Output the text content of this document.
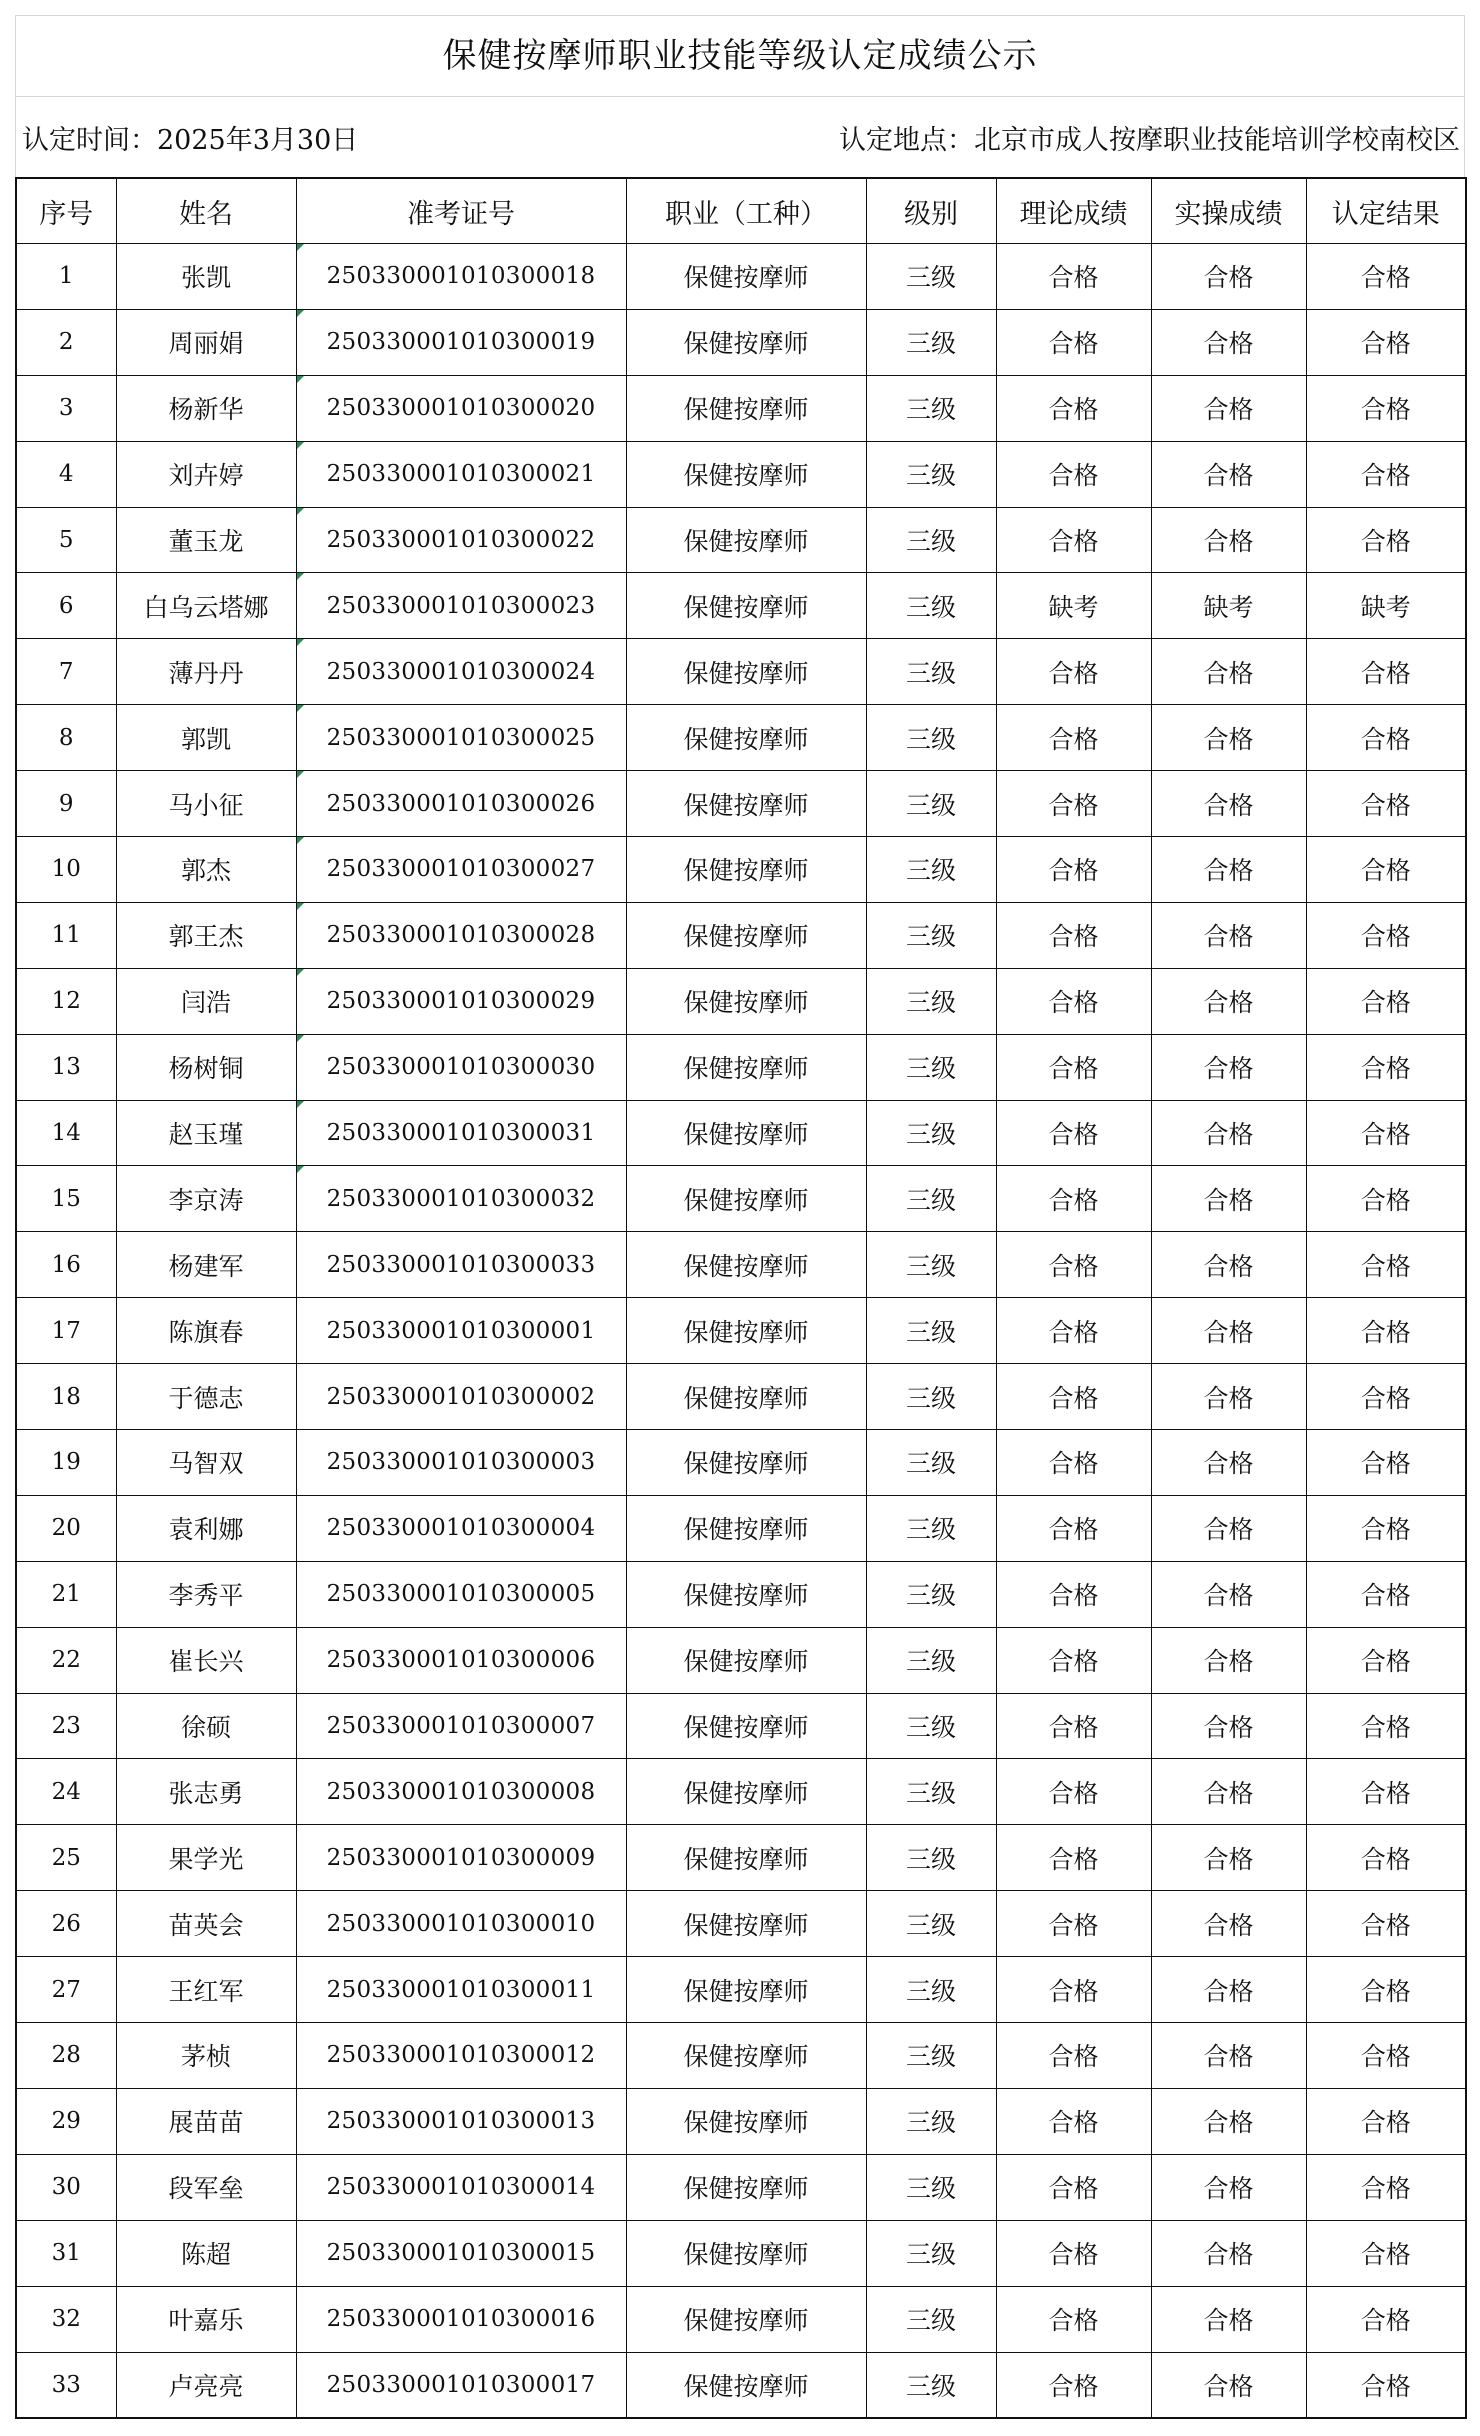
保健按摩师职业技能等级认定成绩公示
认定时间：2025年3月30日	认定地点：北京市成人按摩职业技能培训学校南校区
序号	姓名	准考证号	职业（工种）	级别	理论成绩	实操成绩	认定结果
1	张凯	250330001010300018	保健按摩师	三级	合格	合格	合格
2	周丽娟	250330001010300019	保健按摩师	三级	合格	合格	合格
3	杨新华	250330001010300020	保健按摩师	三级	合格	合格	合格
4	刘卉婷	250330001010300021	保健按摩师	三级	合格	合格	合格
5	董玉龙	250330001010300022	保健按摩师	三级	合格	合格	合格
6	白乌云塔娜	250330001010300023	保健按摩师	三级	缺考	缺考	缺考
7	薄丹丹	250330001010300024	保健按摩师	三级	合格	合格	合格
8	郭凯	250330001010300025	保健按摩师	三级	合格	合格	合格
9	马小征	250330001010300026	保健按摩师	三级	合格	合格	合格
10	郭杰	250330001010300027	保健按摩师	三级	合格	合格	合格
11	郭王杰	250330001010300028	保健按摩师	三级	合格	合格	合格
12	闫浩	250330001010300029	保健按摩师	三级	合格	合格	合格
13	杨树铜	250330001010300030	保健按摩师	三级	合格	合格	合格
14	赵玉瑾	250330001010300031	保健按摩师	三级	合格	合格	合格
15	李京涛	250330001010300032	保健按摩师	三级	合格	合格	合格
16	杨建军	250330001010300033	保健按摩师	三级	合格	合格	合格
17	陈旗春	250330001010300001	保健按摩师	三级	合格	合格	合格
18	于德志	250330001010300002	保健按摩师	三级	合格	合格	合格
19	马智双	250330001010300003	保健按摩师	三级	合格	合格	合格
20	袁利娜	250330001010300004	保健按摩师	三级	合格	合格	合格
21	李秀平	250330001010300005	保健按摩师	三级	合格	合格	合格
22	崔长兴	250330001010300006	保健按摩师	三级	合格	合格	合格
23	徐硕	250330001010300007	保健按摩师	三级	合格	合格	合格
24	张志勇	250330001010300008	保健按摩师	三级	合格	合格	合格
25	果学光	250330001010300009	保健按摩师	三级	合格	合格	合格
26	苗英会	250330001010300010	保健按摩师	三级	合格	合格	合格
27	王红军	250330001010300011	保健按摩师	三级	合格	合格	合格
28	茅桢	250330001010300012	保健按摩师	三级	合格	合格	合格
29	展苗苗	250330001010300013	保健按摩师	三级	合格	合格	合格
30	段军垒	250330001010300014	保健按摩师	三级	合格	合格	合格
31	陈超	250330001010300015	保健按摩师	三级	合格	合格	合格
32	叶嘉乐	250330001010300016	保健按摩师	三级	合格	合格	合格
33	卢亮亮	250330001010300017	保健按摩师	三级	合格	合格	合格
